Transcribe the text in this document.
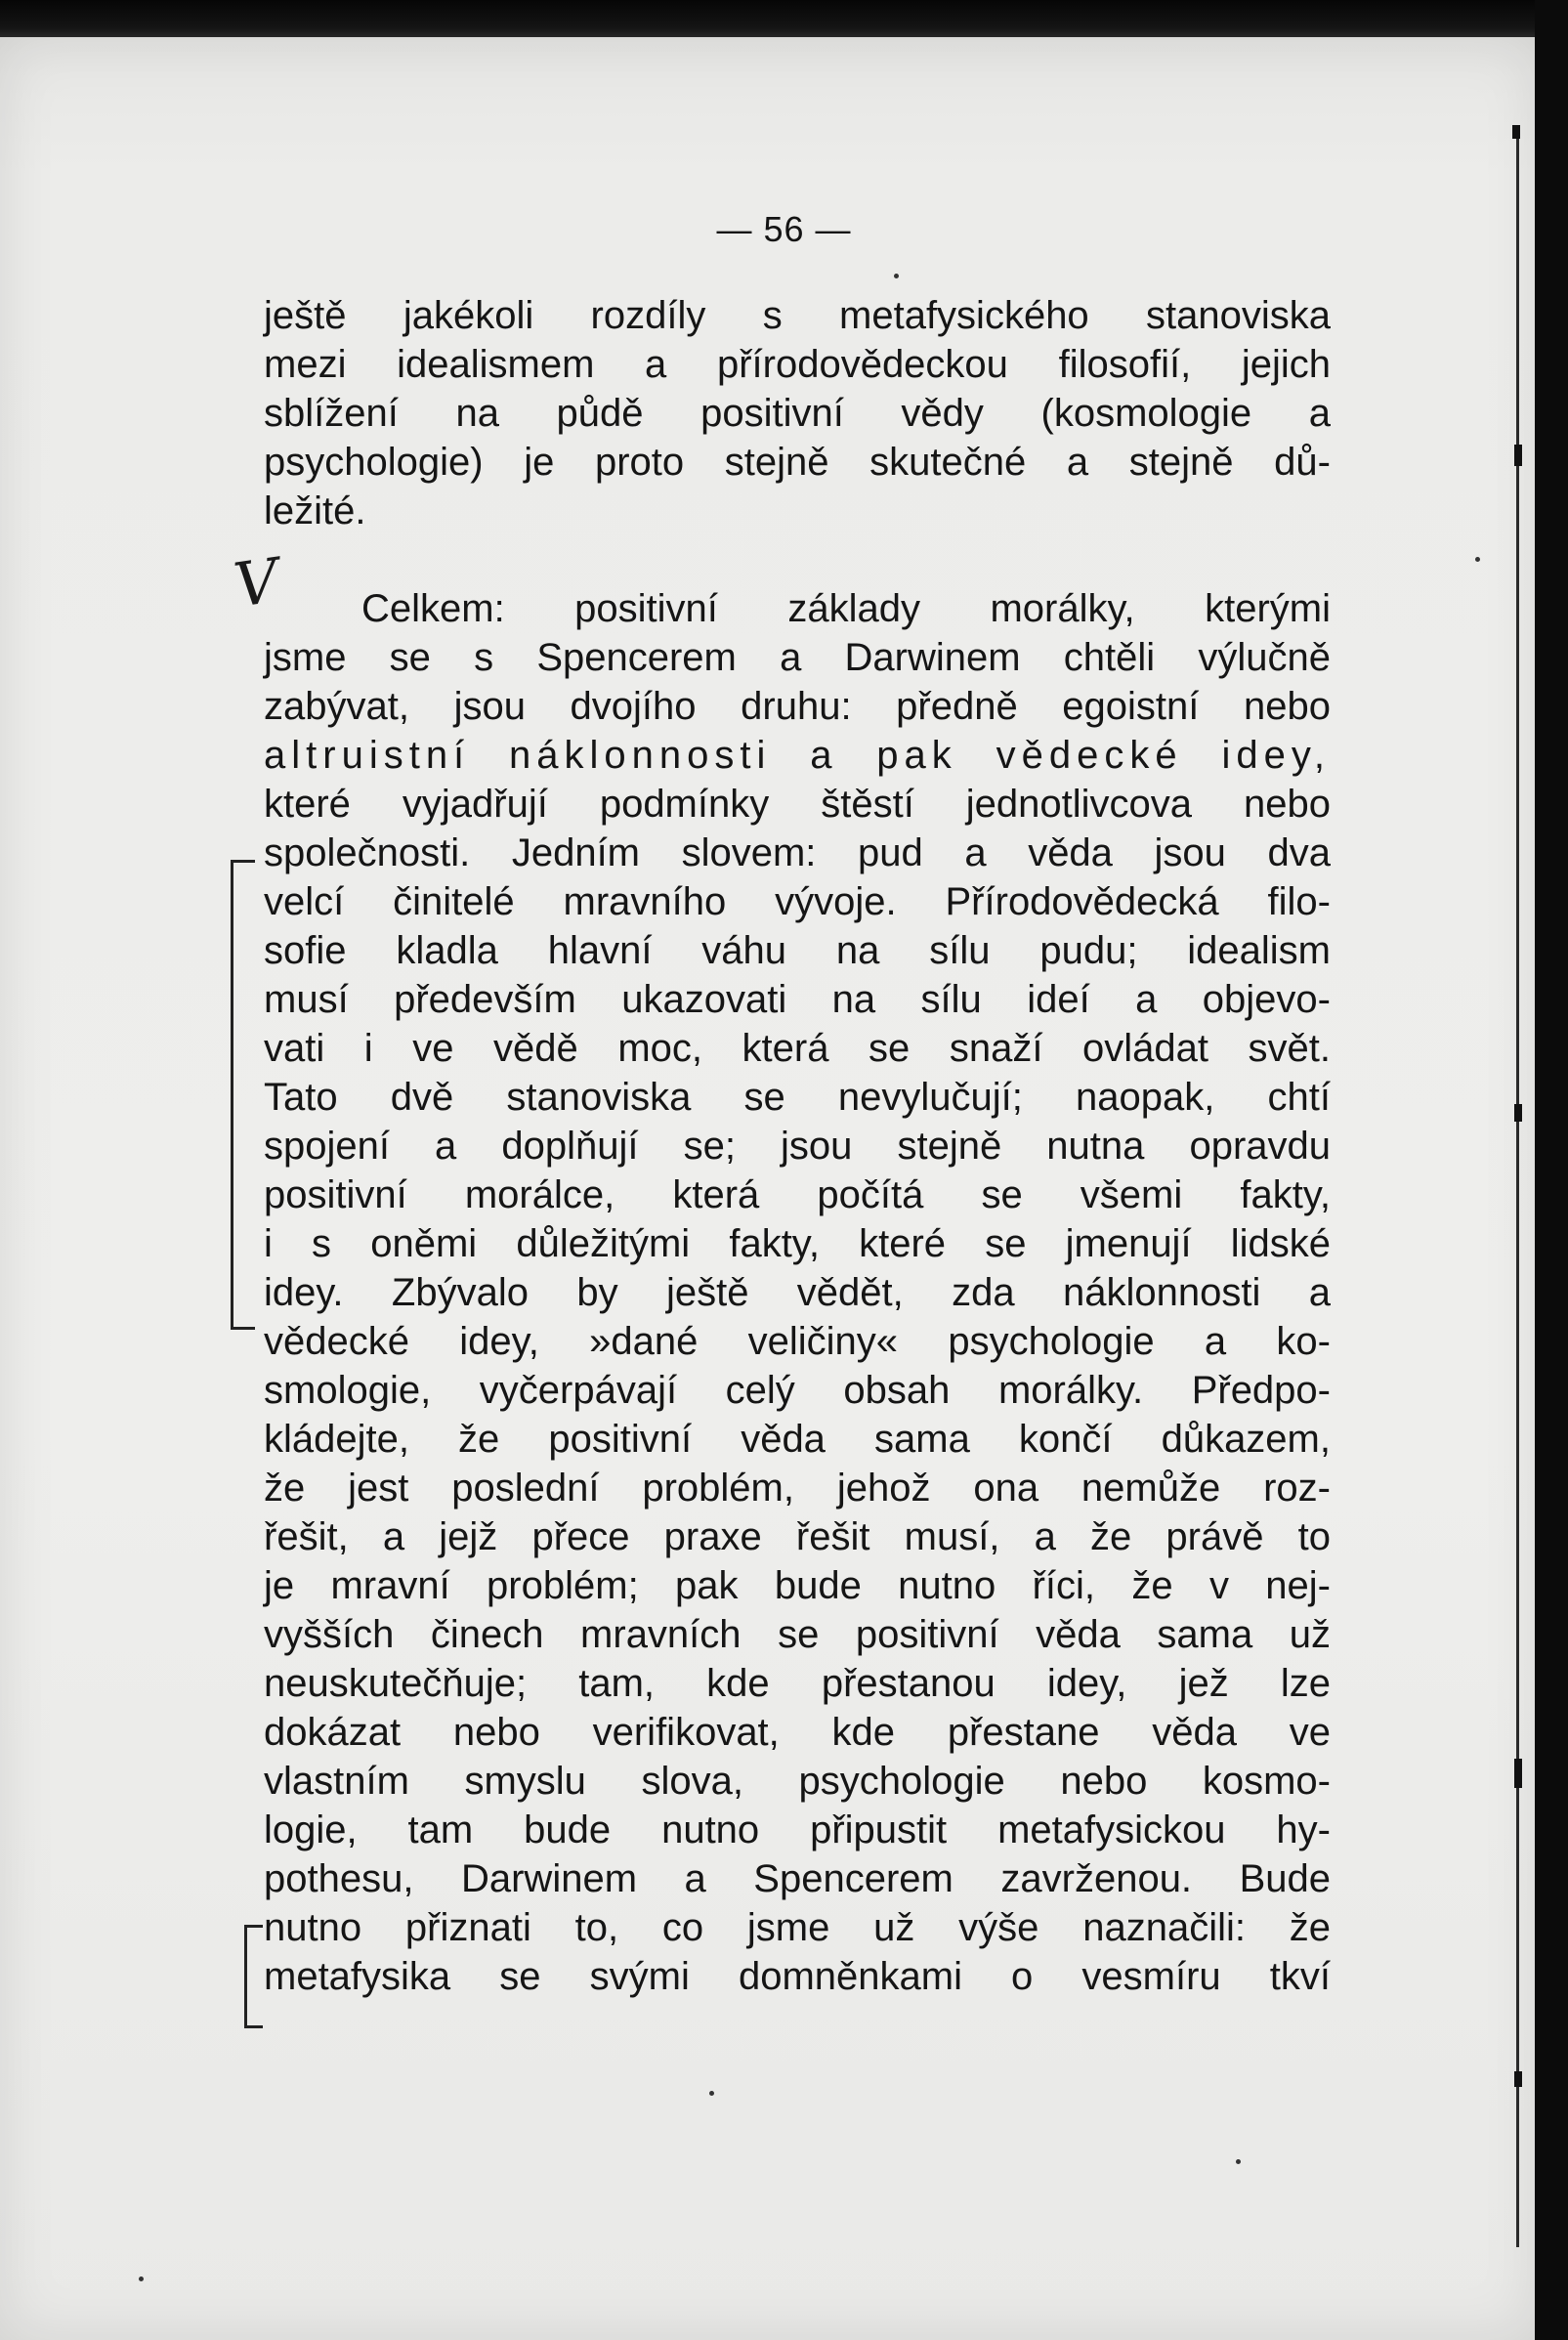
— 56 —
V
ještě jakékoli rozdíly s metafysického stanoviska
mezi idealismem a přírodovědeckou filosofií, jejich
sblížení na půdě positivní vědy (kosmologie a
psychologie) je proto stejně skutečné a stejně dů-
ležité.
Celkem: positivní základy morálky, kterými
jsme se s Spencerem a Darwinem chtěli výlučně
zabývat, jsou dvojího druhu: předně egoistní nebo
altruistní náklonnosti a pak vědecké idey,
které vyjadřují podmínky štěstí jednotlivcova nebo
společnosti. Jedním slovem: pud a věda jsou dva
velcí činitelé mravního vývoje. Přírodovědecká filo-
sofie kladla hlavní váhu na sílu pudu; idealism
musí především ukazovati na sílu ideí a objevo-
vati i ve vědě moc, která se snaží ovládat svět.
Tato dvě stanoviska se nevylučují; naopak, chtí
spojení a doplňují se; jsou stejně nutna opravdu
positivní morálce, která počítá se všemi fakty,
i s oněmi důležitými fakty, které se jmenují lidské
idey. Zbývalo by ještě vědět, zda náklonnosti a
vědecké idey, »dané veličiny« psychologie a ko-
smologie, vyčerpávají celý obsah morálky. Předpo-
kládejte, že positivní věda sama končí důkazem,
že jest poslední problém, jehož ona nemůže roz-
řešit, a jejž přece praxe řešit musí, a že právě to
je mravní problém; pak bude nutno říci, že v nej-
vyšších činech mravních se positivní věda sama už
neuskutečňuje; tam, kde přestanou idey, jež lze
dokázat nebo verifikovat, kde přestane věda ve
vlastním smyslu slova, psychologie nebo kosmo-
logie, tam bude nutno připustit metafysickou hy-
pothesu, Darwinem a Spencerem zavrženou. Bude
nutno přiznati to, co jsme už výše naznačili: že
metafysika se svými domněnkami o vesmíru tkví
